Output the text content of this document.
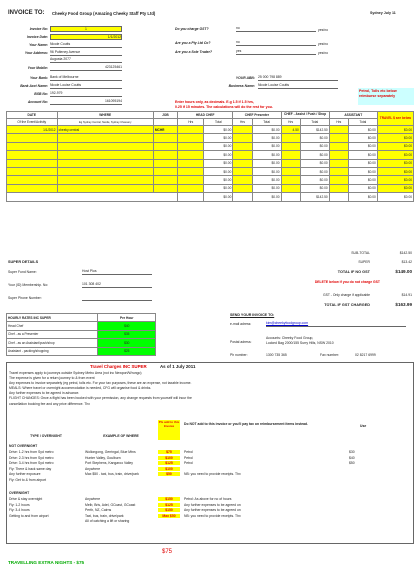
INVOICE TO: Cheeky Food Group (Amazing Cheeky Staff Pty Ltd)	Sydney July 11
Invoice No:	1
Invoice Date:	1/1/2012
Your Name: Nicole Coutts
Your Address: 96 Pulteney Avenue
Augusta 2077
Your Mobile:	423125461
Your Bank: Bank of Melbourne
Bank Acct Name: Nicole Louise Coutts
BSB No: 192-979
Account No:	161095194
Do you charge GST?	no	yes/no
Are you a Pty Ltd Co?	no	yes/no
Are you a Sole Trader?	yes	yes/no
YOUR ABN: 25 000 798 889
Business Name: Nicole Louise Coutts
Petrol, Tolls etc below reimburse separately
Enter hours only, as decimals. E.g 1.5 if 1.5 hrs,
0.25 if 15 minutes. The calculations will do the rest for you.
DATE	WHERE	JOB	HEAD CHEF		CHEF Presenter		CHEF - Assist / Push / Shop		ASSISTANT		TRAVEL $ see below
Of the Event/Activity	Eg Sydney Central, Nestle, Sydney Cheesery		Hrs	Total	Hrs	Total	Hrs	Total	Hrs	Total	
1/1/2012	cheeky central	MCHR		$0.00		$0.00	4.50	$142.50		$0.00	$0.00
				$0.00		$0.00		$0.00		$0.00	$0.00
				$0.00		$0.00		$0.00		$0.00	$0.00
				$0.00		$0.00		$0.00		$0.00	$0.00
				$0.00		$0.00		$0.00		$0.00	$0.00
				$0.00		$0.00		$0.00		$0.00	$0.00
				$0.00		$0.00		$0.00		$0.00	$0.00
				$0.00		$0.00		$0.00		$0.00	$0.00
				$0.00		$0.00		$142.50		$0.00	$0.00
SUB-TOTAL	$142.50
SUPER	$13.42
TOTAL IF NO GST	$149.00
DELETE below if you do not charge GST
GST - Only charge if applicable	$14.91
TOTAL IF GST CHARGED	$163.99
SUPER DETAILS
Super Fund Name:	Host Plus
Your (ID) Membership. No:	101 308 402
Super Phone Number:
HOURLY RATES INC SUPER	Per Hour
Head Chef	$40
Chef - as a Presenter	$35
Chef - as an Assistant/push/shop	$30
Assistant - packing/shopping	$25
SEND YOUR INVOICE TO:
e-mail adress:	kim@cheekyfoodgroup.com
Postal adress:
Accounts: Cheeky Food Group,
Locked Bag 2000/155 Surry Hills, NSW 2010
Ph number:	1300 735 365	Fax number:	02 8217 6999
Travel Charges INC SUPER	As of 1 July 2011
Travel expenses apply to journeys outside Sydney Metro Area (not inc Newport/Wrungo)
The expense is given for a return journey to & from event
Any expenses to invoice separately (eg petrol, tolls etc. For your tax purposes, these are an expense, not taxable income.
MEALS: Where travel or overnight accommodation is needed, CFG will organise food & drinks.
Any further expenses to be agreed in advance.
FLIGHT CHANGES: Once a flight has been booked with your permission, any change requests from yourself will incur the
cancellation booking fee and any price difference. Thx
TYPE / OVERNIGHT	EXAMPLE OF WHERE
Pls add to this Invoice	Do NOT add to this invoice or you'll pay tax on reimbursement items instead.	Use
NOT OVERNIGHT
Drive: 1-2 hrs from Syd metro	Wollongong, Gerringal, Blue Mtns	$75	Petrol	$30
Drive: 2-3 hrs from Syd metro	Hunter Valley, Goulburn	$100	Petrol	$40
Drive: 3-4 hrs from Syd metro	Port Stephens, Kangaroo Valley	$125	Petrol	$50
Fly: There & back same day	Anywhere	$100
Any further exposure	Max $50 - taxi, bus, train, drive/park	$50	NB: you need to provide receipts. Thx
Fly: Get to & from airport
OVERNIGHT
Drive & stay overnight	Anywhere	$150	Petrol: As above for no of hours
Fly: 1-2 hours	Melb, Bris, Adel, GCoast, GCoast	$125	Any further expenses to be agreed on
Fly: 3-4 hours	Perth, NZ, Cairns	$150	Any further expenses to be agreed on
Getting to and from airport	Taxi, bus, train, drive/park	Max $50	NB: you need to provide receipts. Thx
All of catching a lift or sharing
TRAVELLING EXTRA NIGHTS - $75
$75
